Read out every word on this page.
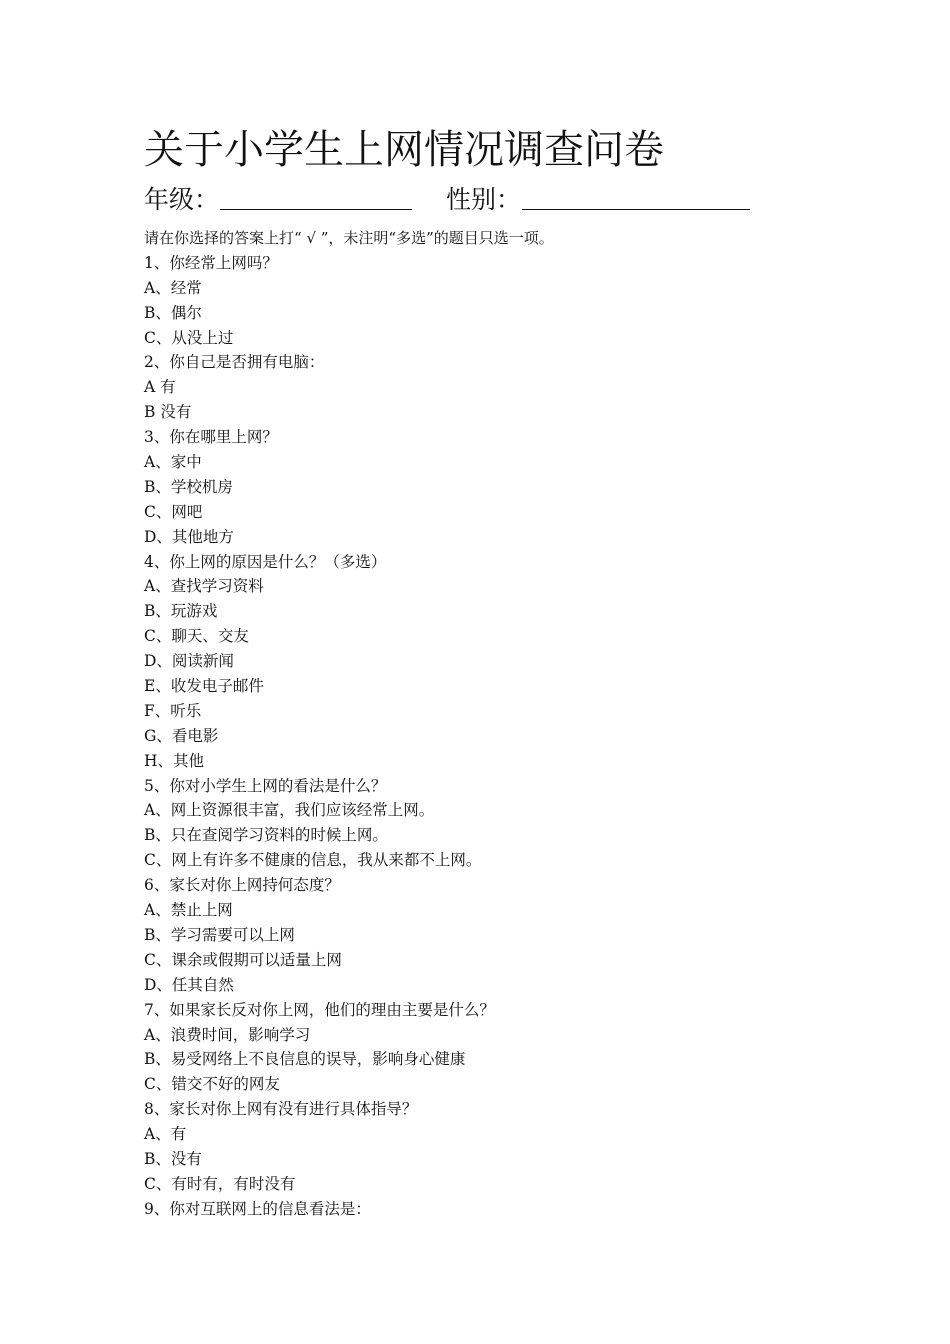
关于小学生上网情况调查问卷
年级：	性别：
请在你选择的答案上打“ √ ”，未注明“多选”的题目只选一项。
1、你经常上网吗？
A、经常
B、偶尔
C、从没上过
2、你自己是否拥有电脑：
A 有
B 没有
3、你在哪里上网？
A、家中
B、学校机房
C、网吧
D、其他地方
4、你上网的原因是什么？（多选）
A、查找学习资料
B、玩游戏
C、聊天、交友
D、阅读新闻
E、收发电子邮件
F、听乐
G、看电影
H、其他
5、你对小学生上网的看法是什么？
A、网上资源很丰富，我们应该经常上网。
B、只在查阅学习资料的时候上网。
C、网上有许多不健康的信息，我从来都不上网。
6、家长对你上网持何态度？
A、禁止上网
B、学习需要可以上网
C、课余或假期可以适量上网
D、任其自然
7、如果家长反对你上网，他们的理由主要是什么？
A、浪费时间，影响学习
B、易受网络上不良信息的误导，影响身心健康
C、错交不好的网友
8、家长对你上网有没有进行具体指导？
A、有
B、没有
C、有时有，有时没有
9、你对互联网上的信息看法是：
